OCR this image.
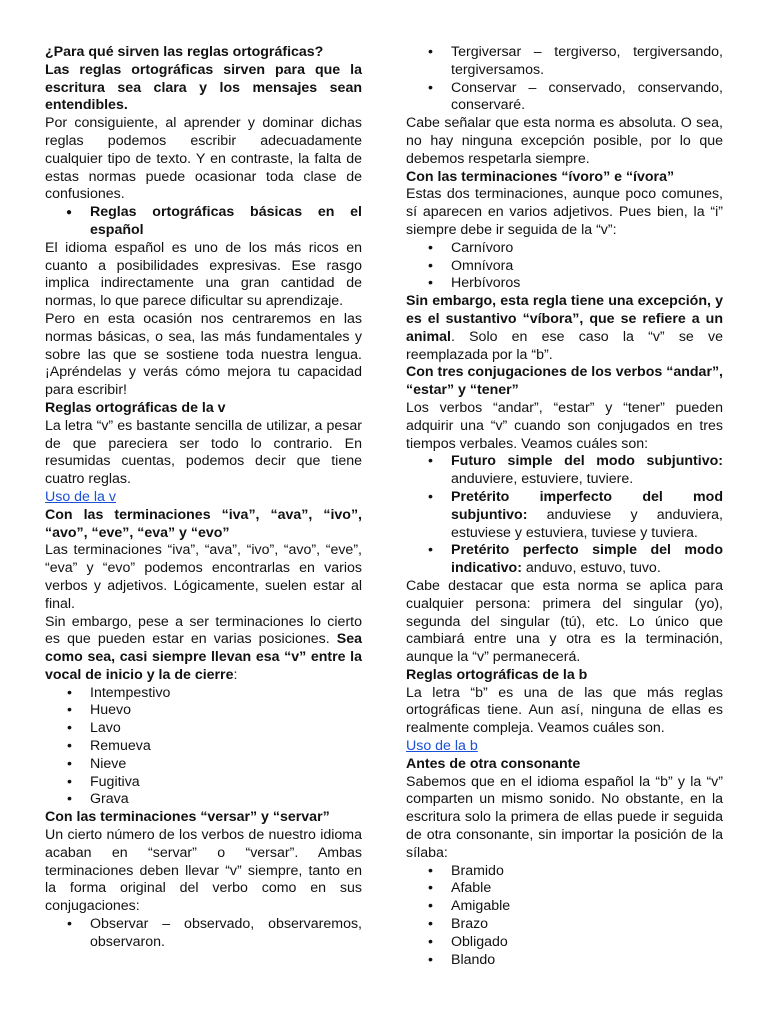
¿Para qué sirven las reglas ortográficas?

Las reglas ortográficas sirven para que la escritura sea clara y los mensajes sean entendibles.

Por consiguiente, al aprender y dominar dichas reglas podemos escribir adecuadamente cualquier tipo de texto. Y en contraste, la falta de estas normas puede ocasionar toda clase de confusiones.

● Reglas ortográficas básicas en el español

El idioma español es uno de los más ricos en cuanto a posibilidades expresivas. Ese rasgo implica indirectamente una gran cantidad de normas, lo que parece dificultar su aprendizaje.

Pero en esta ocasión nos centraremos en las normas básicas, o sea, las más fundamentales y sobre las que se sostiene toda nuestra lengua. ¡Apréndelas y verás cómo mejora tu capacidad para escribir!

Reglas ortográficas de la v

La letra “v” es bastante sencilla de utilizar, a pesar de que pareciera ser todo lo contrario. En resumidas cuentas, podemos decir que tiene cuatro reglas.

Uso de la v

Con las terminaciones “iva”, “ava”, “ivo”, “avo”, “eve”, “eva” y “evo”

Las terminaciones “iva”, “ava”, “ivo”, “avo”, “eve”, “eva” y “evo” podemos encontrarlas en varios verbos y adjetivos. Lógicamente, suelen estar al final.

Sin embargo, pese a ser terminaciones lo cierto es que pueden estar en varias posiciones. Sea como sea, casi siempre llevan esa “v” entre la vocal de inicio y la de cierre:

• Intempestivo
• Huevo
• Lavo
• Remueva
• Nieve
• Fugitiva
• Grava

Con las terminaciones “versar” y “servar”

Un cierto número de los verbos de nuestro idioma acaban en “servar” o “versar”. Ambas terminaciones deben llevar “v” siempre, tanto en la forma original del verbo como en sus conjugaciones:

• Observar – observado, observaremos, observaron.
• Tergiversar – tergiverso, tergiversando, tergiversamos.
• Conservar – conservado, conservando, conservaré.

Cabe señalar que esta norma es absoluta. O sea, no hay ninguna excepción posible, por lo que debemos respetarla siempre.

Con las terminaciones “ívoro” e “ívora”

Estas dos terminaciones, aunque poco comunes, sí aparecen en varios adjetivos. Pues bien, la “i” siempre debe ir seguida de la “v”:

• Carnívoro
• Omnívora
• Herbívoros

Sin embargo, esta regla tiene una excepción, y es el sustantivo “víbora”, que se refiere a un animal. Solo en ese caso la “v” se ve reemplazada por la “b”.

Con tres conjugaciones de los verbos “andar”, “estar” y “tener”

Los verbos “andar”, “estar” y “tener” pueden adquirir una “v” cuando son conjugados en tres tiempos verbales. Veamos cuáles son:

• Futuro simple del modo subjuntivo: anduviere, estuviere, tuviere.
• Pretérito imperfecto del mod subjuntivo: anduviese y anduviera, estuviese y estuviera, tuviese y tuviera.
• Pretérito perfecto simple del modo indicativo: anduvo, estuvo, tuvo.

Cabe destacar que esta norma se aplica para cualquier persona: primera del singular (yo), segunda del singular (tú), etc. Lo único que cambiará entre una y otra es la terminación, aunque la “v” permanecerá.

Reglas ortográficas de la b

La letra “b” es una de las que más reglas ortográficas tiene. Aun así, ninguna de ellas es realmente compleja. Veamos cuáles son.

Uso de la b

Antes de otra consonante

Sabemos que en el idioma español la “b” y la “v” comparten un mismo sonido. No obstante, en la escritura solo la primera de ellas puede ir seguida de otra consonante, sin importar la posición de la sílaba:

• Bramido
• Afable
• Amigable
• Brazo
• Obligado
• Blando
